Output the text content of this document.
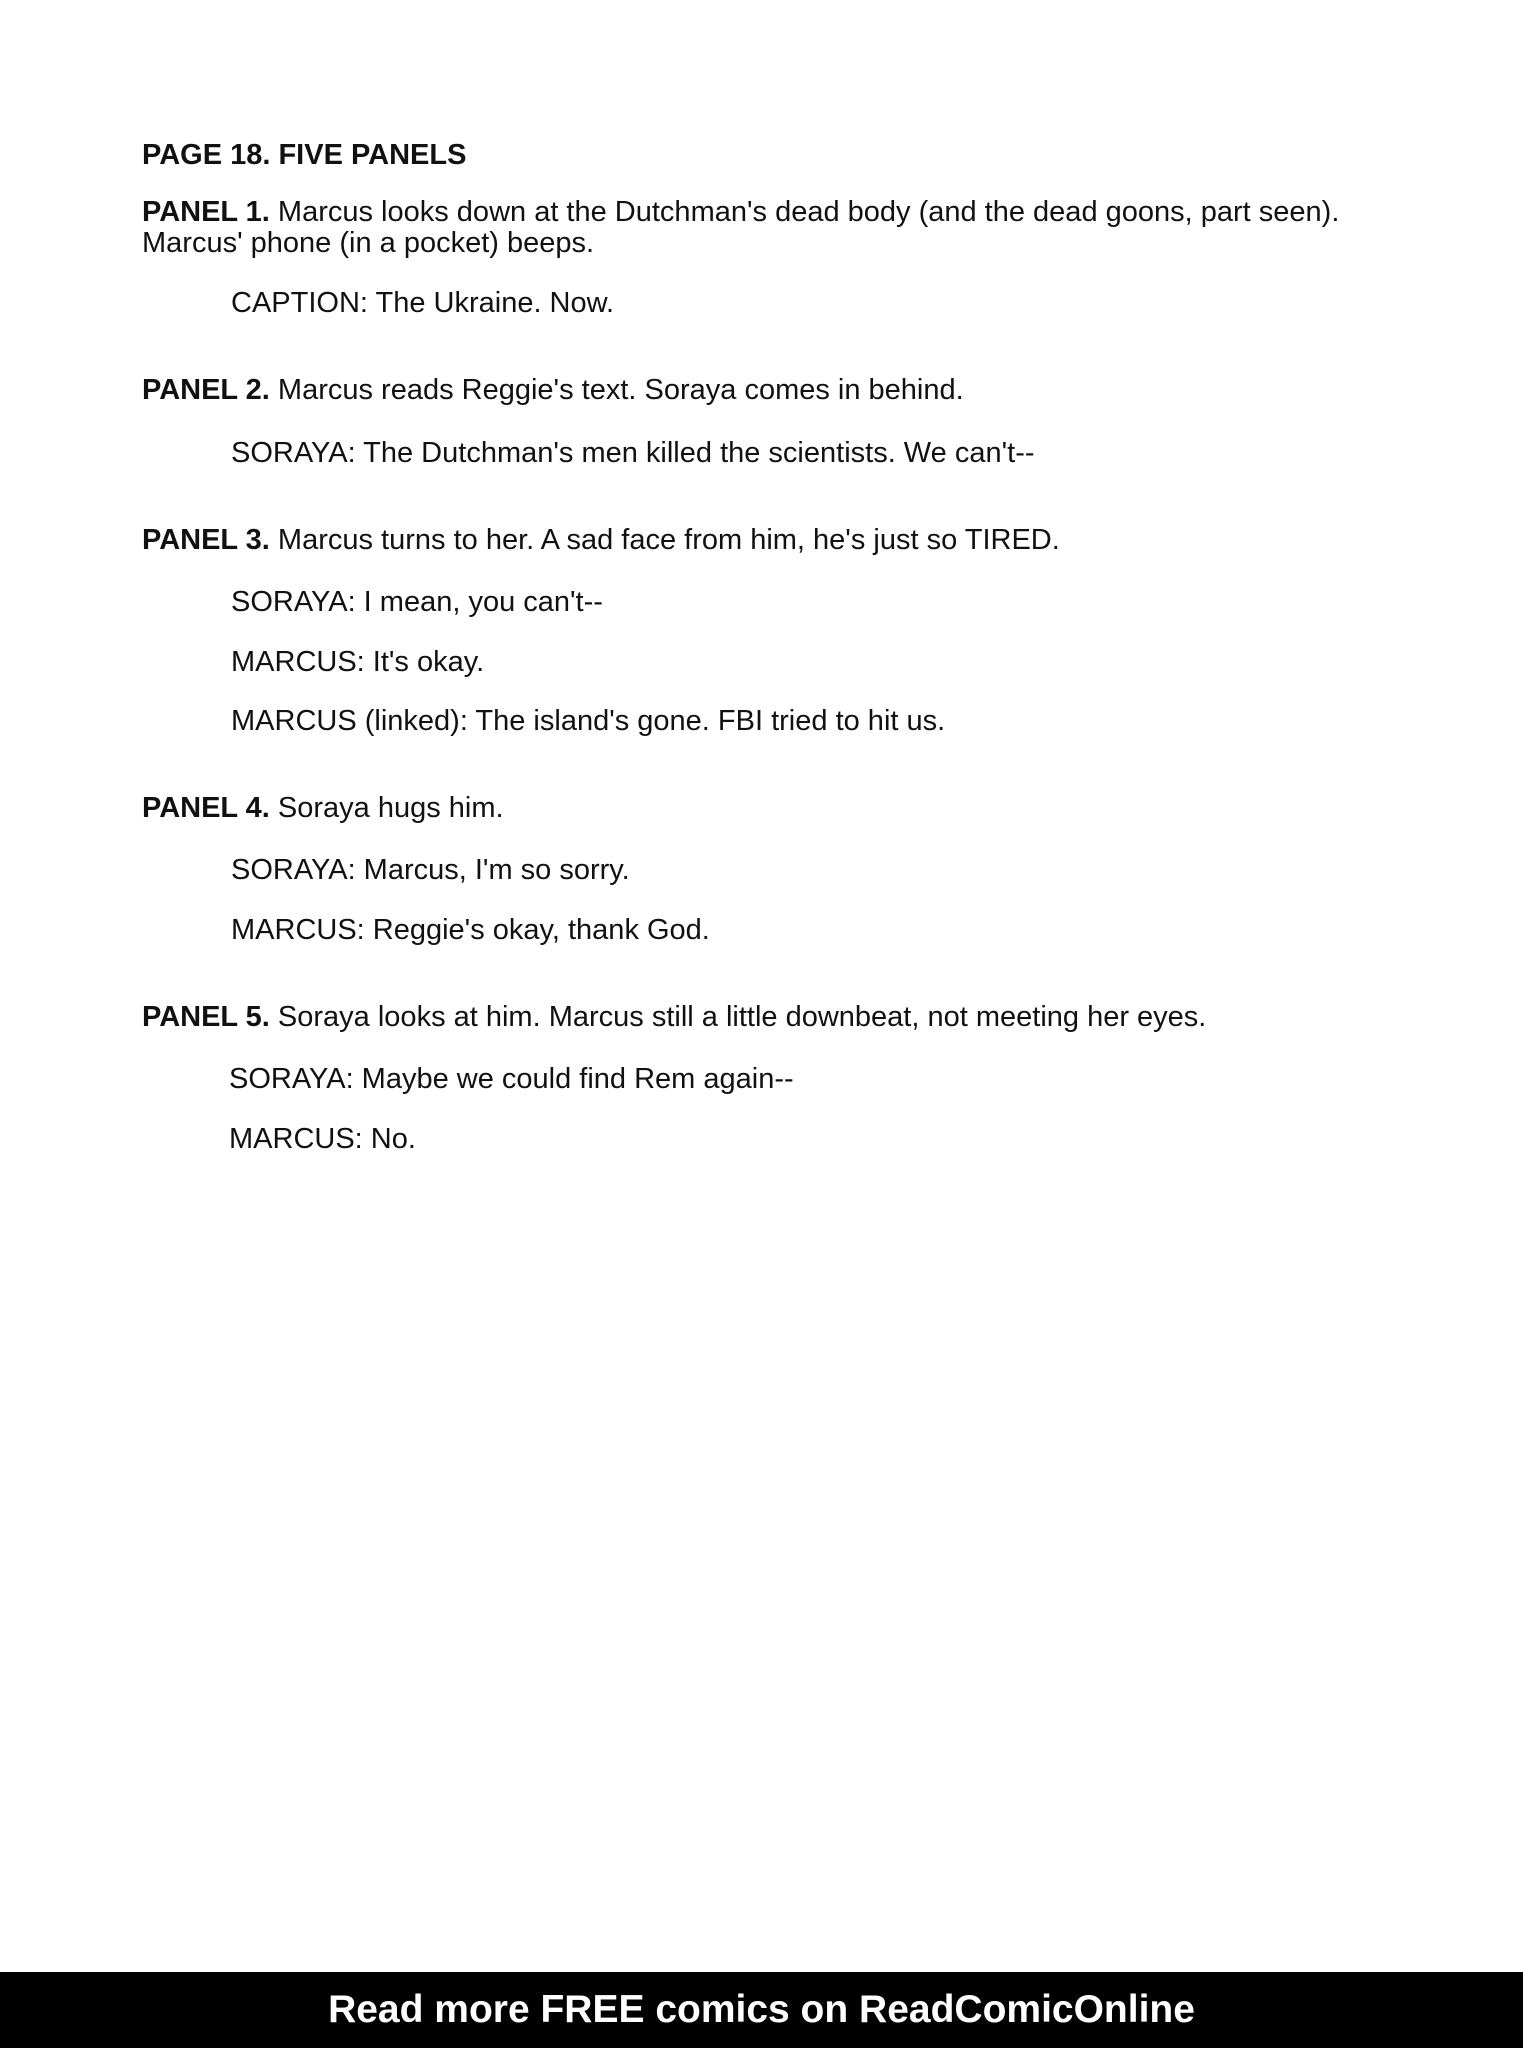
PAGE 18. FIVE PANELS
PANEL 1. Marcus looks down at the Dutchman's dead body (and the dead goons, part seen). Marcus' phone (in a pocket) beeps.
CAPTION: The Ukraine. Now.
PANEL 2. Marcus reads Reggie's text. Soraya comes in behind.
SORAYA: The Dutchman's men killed the scientists. We can't--
PANEL 3. Marcus turns to her. A sad face from him, he's just so TIRED.
SORAYA: I mean, you can't--
MARCUS: It's okay.
MARCUS (linked): The island's gone. FBI tried to hit us.
PANEL 4. Soraya hugs him.
SORAYA: Marcus, I'm so sorry.
MARCUS: Reggie's okay, thank God.
PANEL 5. Soraya looks at him. Marcus still a little downbeat, not meeting her eyes.
SORAYA: Maybe we could find Rem again--
MARCUS: No.
Read more FREE comics on ReadComicOnline
